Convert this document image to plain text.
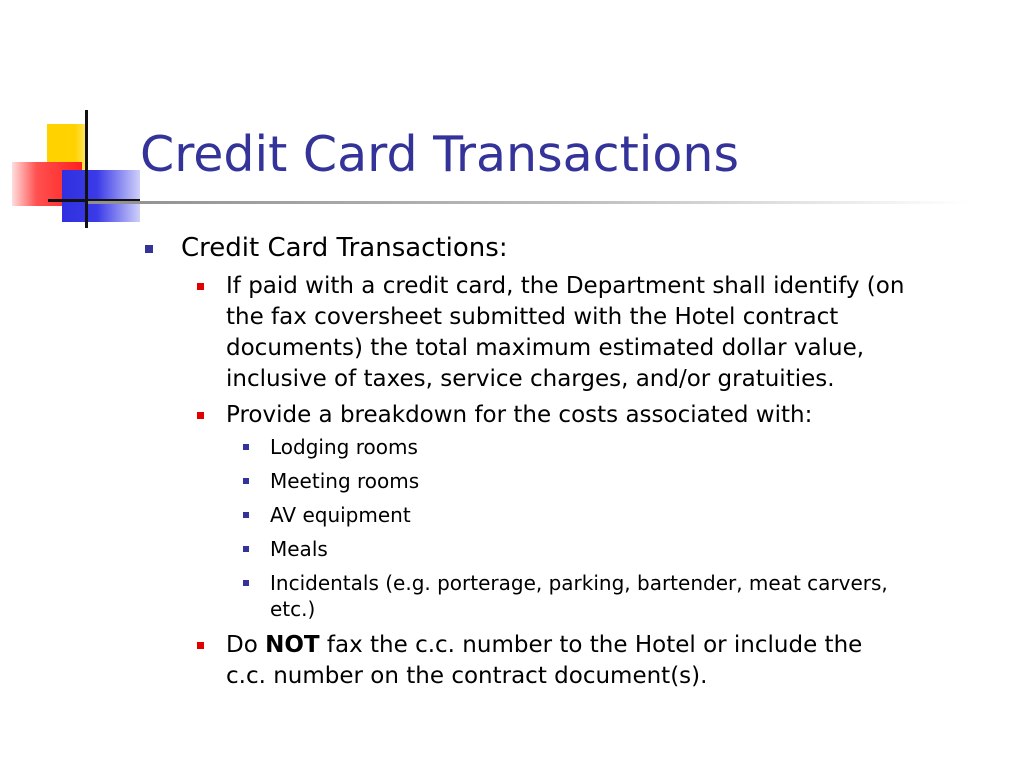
Credit Card Transactions
Credit Card Transactions:
If paid with a credit card, the Department shall identify (on the fax coversheet submitted with the Hotel contract documents) the total maximum estimated dollar value, inclusive of taxes, service charges, and/or gratuities.
Provide a breakdown for the costs associated with:
Lodging rooms
Meeting rooms
AV equipment
Meals
Incidentals (e.g. porterage, parking, bartender, meat carvers, etc.)
Do NOT fax the c.c. number to the Hotel or include the c.c. number on the contract document(s).
